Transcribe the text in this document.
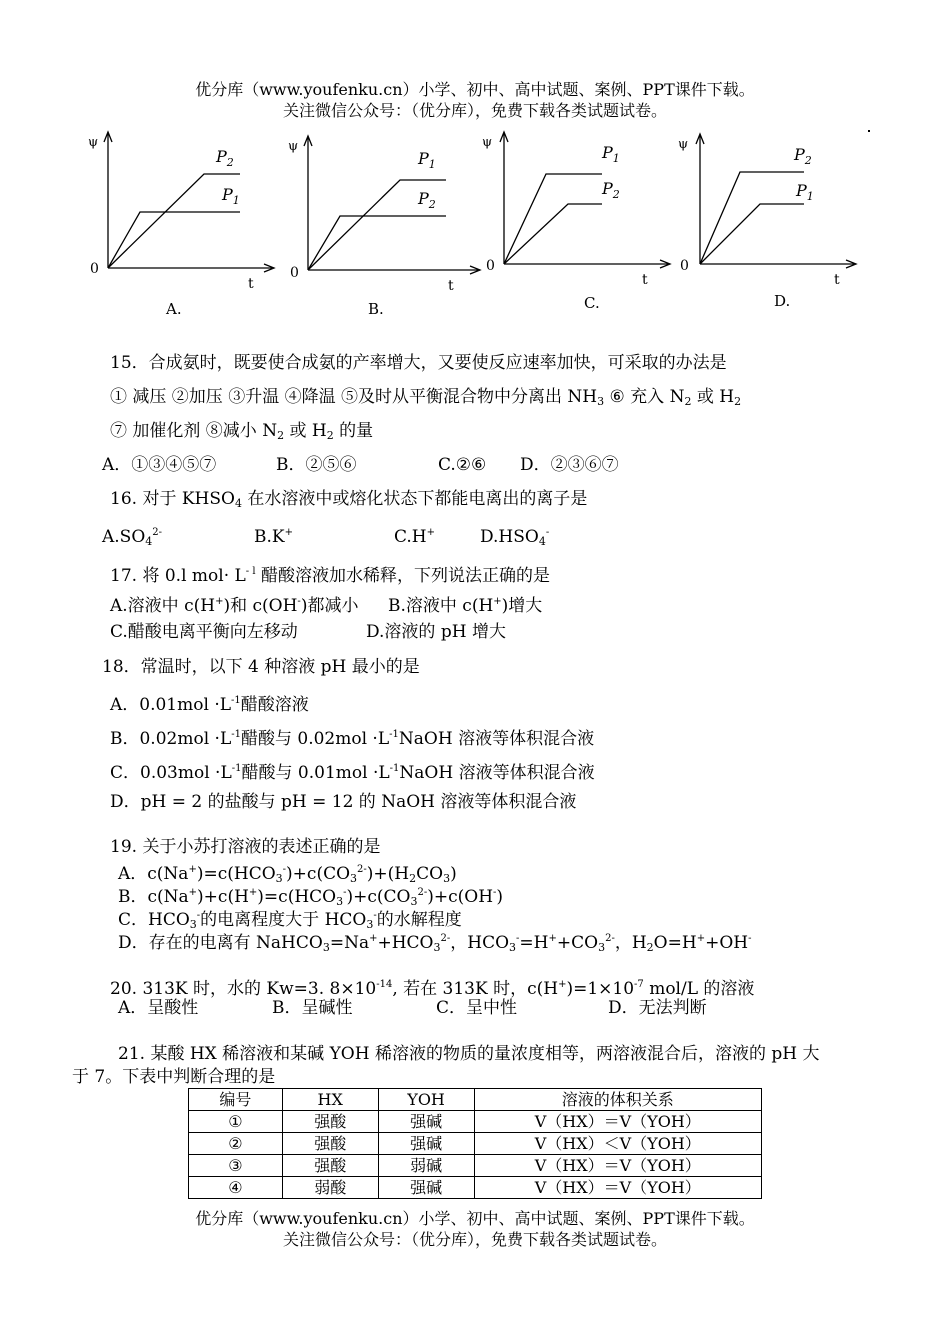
优分库（www.youfenku.cn）小学、初中、高中试题、案例、PPT课件下载。
关注微信公众号：（优分库），免费下载各类试题试卷。
ψ
0
t
$P_2$
$P_1$
A.
ψ
0
t
$P_1$
$P_2$
B.
ψ
0
t
$P_1$
$P_2$
C.
ψ
0
t
$P_2$
$P_1$
D.
15．合成氨时，既要使合成氨的产率增大，又要使反应速率加快，可采取的办法是
① 减压 ②加压 ③升温 ④降温 ⑤及时从平衡混合物中分离出 $NH_3$ ⑥ 充入 $N_2$ 或 $H_2$
⑦ 加催化剂 ⑧减小 $N_2$ 或 $H_2$ 的量
A．①③④⑤⑦	B．②⑤⑥	C.②⑥ D．②③⑥⑦
16. 对于 $KHSO_4$ 在水溶液中或熔化状态下都能电离出的离子是
$A.SO_4^{2-}$	B.K+	C.H+	$D.HSO_4^-$
17. 将 0.l $mol\cdot L^{- l}$ 醋酸溶液加水稀释，下列说法正确的是
A.溶液中 c(H+)和 c(OH-)都减小 B.溶液中 c(H+)增大
C.醋酸电离平衡向左移动	D.溶液的 pH 增大
18．常温时，以下 4 种溶液 pH 最小的是
A．$0.01mol \cdot L^{-1}$醋酸溶液
B．$0.02mol \cdot L^{-1}$醋酸与 $0.02mol \cdot L^{-1}NaOH$ 溶液等体积混合液
C．$0.03mol \cdot L^{-1}$醋酸与 $0.01mol \cdot L^{-1}NaOH$ 溶液等体积混合液
D．pH = 2 的盐酸与 pH = 12 的 NaOH 溶液等体积混合液
19. 关于小苏打溶液的表述正确的是
A．$c(Na^+)=c(HCO_3^-)+c(CO_3^{2-})+(H_2CO_3)$
B．$c(Na^+)+c(H^+)=c(HCO_3^-)+c(CO_3^{2-})+c(OH^-)$
C．$HCO_3^-$的电离程度大于 $HCO_3^-$的水解程度
D．存在的电离有 $NaHCO_3=Na^++HCO_3^{2-}$，$HCO_3^-=H^++CO_3^{2-}$，$H_2O=H^++OH^-$
20. 313K 时，水的 Kw=3. $8\times 10^{-14}$, 若在 313K 时，$c(H^+)=1\times 10^{-7}$ mol/L 的溶液
A．呈酸性	B．呈碱性	C．呈中性	D．无法判断
21. 某酸 HX 稀溶液和某碱 YOH 稀溶液的物质的量浓度相等，两溶液混合后，溶液的 pH 大
于 7。下表中判断合理的是
编号	HX	YOH	溶液的体积关系
①	强酸	强碱	V（HX）＝V（YOH）
②	强酸	强碱	V（HX）＜V（YOH）
③	强酸	弱碱	V（HX）＝V（YOH）
④	弱酸	强碱	V（HX）＝V（YOH）
优分库（www.youfenku.cn）小学、初中、高中试题、案例、PPT课件下载。
关注微信公众号：（优分库），免费下载各类试题试卷。
